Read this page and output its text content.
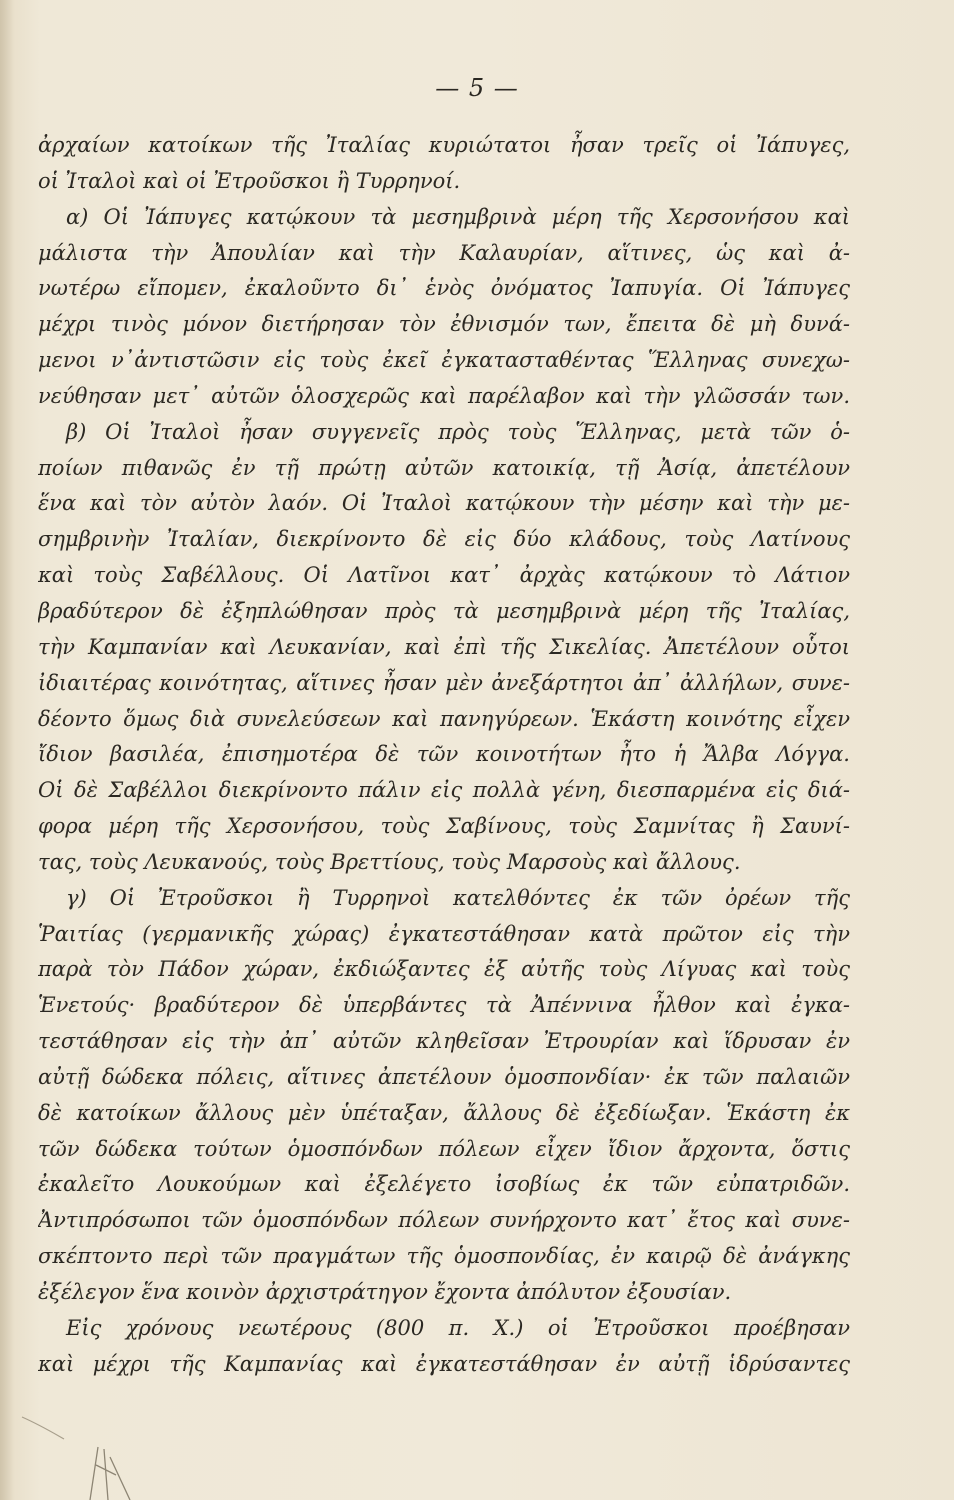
— 5 —
ἀρχαίων κατοίκων τῆς Ἰταλίας κυριώτατοι ἦσαν τρεῖς οἱ Ἰάπυγες,
οἱ Ἰταλοὶ καὶ οἱ Ἐτροῦσκοι ἢ Τυρρηνοί.
α) Οἱ Ἰάπυγες κατῴκουν τὰ μεσημβρινὰ μέρη τῆς Χερσονήσου καὶ
μάλιστα τὴν Ἀπουλίαν καὶ τὴν Καλαυρίαν, αἵτινες, ὡς καὶ ἀ-
νωτέρω εἴπομεν, ἐκαλοῦντο δι᾽ ἑνὸς ὀνόματος Ἰαπυγία. Οἱ Ἰάπυγες
μέχρι τινὸς μόνον διετήρησαν τὸν ἐθνισμόν των, ἔπειτα δὲ μὴ δυνά-
μενοι ν᾽ἀντιστῶσιν εἰς τοὺς ἐκεῖ ἐγκατασταθέντας Ἕλληνας συνεχω-
νεύθησαν μετ᾽ αὐτῶν ὁλοσχερῶς καὶ παρέλαβον καὶ τὴν γλῶσσάν των.
β) Οἱ Ἰταλοὶ ἦσαν συγγενεῖς πρὸς τοὺς Ἕλληνας, μετὰ τῶν ὁ-
ποίων πιθανῶς ἐν τῇ πρώτῃ αὐτῶν κατοικίᾳ, τῇ Ἀσίᾳ, ἀπετέλουν
ἕνα καὶ τὸν αὐτὸν λαόν. Οἱ Ἰταλοὶ κατῴκουν τὴν μέσην καὶ τὴν με-
σημβρινὴν Ἰταλίαν, διεκρίνοντο δὲ εἰς δύο κλάδους, τοὺς Λατίνους
καὶ τοὺς Σαβέλλους. Οἱ Λατῖνοι κατ᾽ ἀρχὰς κατῴκουν τὸ Λάτιον
βραδύτερον δὲ ἐξηπλώθησαν πρὸς τὰ μεσημβρινὰ μέρη τῆς Ἰταλίας,
τὴν Καμπανίαν καὶ Λευκανίαν, καὶ ἐπὶ τῆς Σικελίας. Ἀπετέλουν οὗτοι
ἰδιαιτέρας κοινότητας, αἵτινες ἦσαν μὲν ἀνεξάρτητοι ἀπ᾽ ἀλλήλων, συνε-
δέοντο ὅμως διὰ συνελεύσεων καὶ πανηγύρεων. Ἑκάστη κοινότης εἶχεν
ἴδιον βασιλέα, ἐπισημοτέρα δὲ τῶν κοινοτήτων ἦτο ἡ Ἄλβα Λόγγα.
Οἱ δὲ Σαβέλλοι διεκρίνοντο πάλιν εἰς πολλὰ γένη, διεσπαρμένα εἰς διά-
φορα μέρη τῆς Χερσονήσου, τοὺς Σαβίνους, τοὺς Σαμνίτας ἢ Σαυνί-
τας, τοὺς Λευκανούς, τοὺς Βρεττίους, τοὺς Μαρσοὺς καὶ ἄλλους.
γ) Οἱ Ἐτροῦσκοι ἢ Τυρρηνοὶ κατελθόντες ἐκ τῶν ὀρέων τῆς
Ῥαιτίας (γερμανικῆς χώρας) ἐγκατεστάθησαν κατὰ πρῶτον εἰς τὴν
παρὰ τὸν Πάδον χώραν, ἐκδιώξαντες ἐξ αὐτῆς τοὺς Λίγυας καὶ τοὺς
Ἑνετούς· βραδύτερον δὲ ὑπερβάντες τὰ Ἀπέννινα ἦλθον καὶ ἐγκα-
τεστάθησαν εἰς τὴν ἀπ᾽ αὐτῶν κληθεῖσαν Ἐτρουρίαν καὶ ἵδρυσαν ἐν
αὐτῇ δώδεκα πόλεις, αἵτινες ἀπετέλουν ὁμοσπονδίαν· ἐκ τῶν παλαιῶν
δὲ κατοίκων ἄλλους μὲν ὑπέταξαν, ἄλλους δὲ ἐξεδίωξαν. Ἑκάστη ἐκ
τῶν δώδεκα τούτων ὁμοσπόνδων πόλεων εἶχεν ἴδιον ἄρχοντα, ὅστις
ἐκαλεῖτο Λουκούμων καὶ ἐξελέγετο ἰσοβίως ἐκ τῶν εὐπατριδῶν.
Ἀντιπρόσωποι τῶν ὁμοσπόνδων πόλεων συνήρχοντο κατ᾽ ἔτος καὶ συνε-
σκέπτοντο περὶ τῶν πραγμάτων τῆς ὁμοσπονδίας, ἐν καιρῷ δὲ ἀνάγκης
ἐξέλεγον ἕνα κοινὸν ἀρχιστράτηγον ἔχοντα ἀπόλυτον ἐξουσίαν.
Εἰς χρόνους νεωτέρους (800 π. Χ.) οἱ Ἐτροῦσκοι προέβησαν
καὶ μέχρι τῆς Καμπανίας καὶ ἐγκατεστάθησαν ἐν αὐτῇ ἱδρύσαντες
